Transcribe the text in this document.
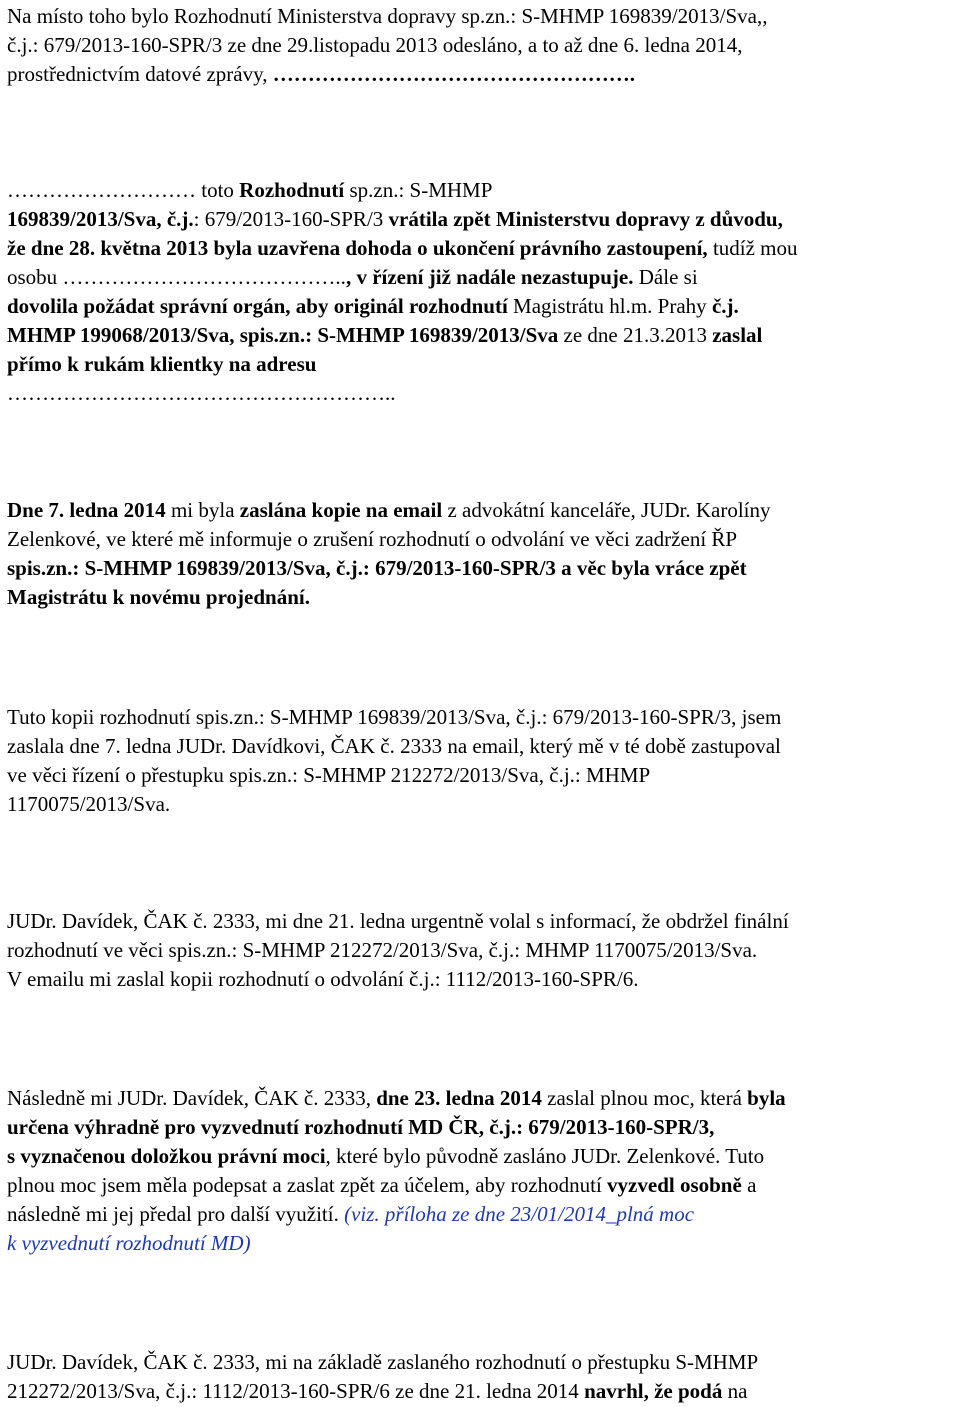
Na místo toho bylo Rozhodnutí Ministerstva dopravy sp.zn.: S-MHMP 169839/2013/Sva,,
č.j.: 679/2013-160-SPR/3 ze dne 29.listopadu 2013 odesláno, a to až dne 6. ledna 2014,
prostřednictvím datové zprávy, …………………………………………….
……………………… toto Rozhodnutí sp.zn.: S-MHMP
169839/2013/Sva, č.j.: 679/2013-160-SPR/3 vrátila zpět Ministerstvu dopravy z důvodu,
že dne 28. května 2013 byla uzavřena dohoda o ukončení právního zastoupení, tudíž mou
osobu ………………………………….., v řízení již nadále nezastupuje. Dále si
dovolila požádat správní orgán, aby originál rozhodnutí Magistrátu hl.m. Prahy č.j.
MHMP 199068/2013/Sva, spis.zn.: S-MHMP 169839/2013/Sva ze dne 21.3.2013 zaslal
přímo k rukám klientky na adresu
………………………………………………..
Dne 7. ledna 2014 mi byla zaslána kopie na email z advokátní kanceláře, JUDr. Karolíny
Zelenkové, ve které mě informuje o zrušení rozhodnutí o odvolání ve věci zadržení ŘP
spis.zn.: S-MHMP 169839/2013/Sva, č.j.: 679/2013-160-SPR/3 a věc byla vráce zpět
Magistrátu k novému projednání.
Tuto kopii rozhodnutí spis.zn.: S-MHMP 169839/2013/Sva, č.j.: 679/2013-160-SPR/3, jsem
zaslala dne 7. ledna JUDr. Davídkovi, ČAK č. 2333 na email, který mě v té době zastupoval
ve věci řízení o přestupku spis.zn.: S-MHMP 212272/2013/Sva, č.j.: MHMP
1170075/2013/Sva.
JUDr. Davídek, ČAK č. 2333, mi dne 21. ledna urgentně volal s informací, že obdržel finální
rozhodnutí ve věci spis.zn.: S-MHMP 212272/2013/Sva, č.j.: MHMP 1170075/2013/Sva.
V emailu mi zaslal kopii rozhodnutí o odvolání č.j.: 1112/2013-160-SPR/6.
Následně mi JUDr. Davídek, ČAK č. 2333, dne 23. ledna 2014 zaslal plnou moc, která byla
určena výhradně pro vyzvednutí rozhodnutí MD ČR, č.j.: 679/2013-160-SPR/3,
s vyznačenou doložkou právní moci, které bylo původně zasláno JUDr. Zelenkové. Tuto
plnou moc jsem měla podepsat a zaslat zpět za účelem, aby rozhodnutí vyzvedl osobně a
následně mi jej předal pro další využití. (viz. příloha ze dne 23/01/2014_plná moc
k vyzvednutí rozhodnutí MD)
JUDr. Davídek, ČAK č. 2333, mi na základě zaslaného rozhodnutí o přestupku S-MHMP
212272/2013/Sva, č.j.: 1112/2013-160-SPR/6 ze dne 21. ledna 2014 navrhl, že podá na
